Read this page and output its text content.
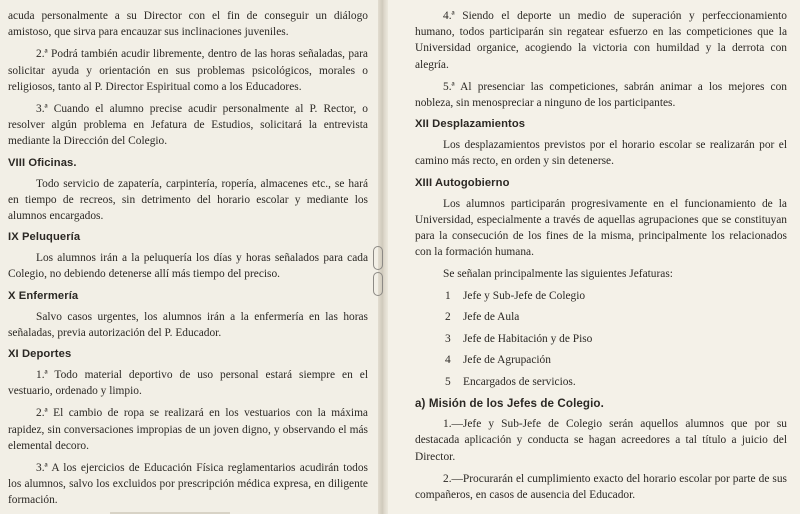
acuda personalmente a su Director con el fin de conseguir un diálogo amistoso, que sirva para encauzar sus inclinaciones juveniles.

2.ª Podrá también acudir libremente, dentro de las horas señaladas, para solicitar ayuda y orientación en sus problemas psicológicos, morales o religiosos, tanto al P. Director Espiritual como a los Educadores.

3.ª Cuando el alumno precise acudir personalmente al P. Rector, o resolver algún problema en Jefatura de Estudios, solicitará la entrevista mediante la Dirección del Colegio.

VIII Oficinas.

Todo servicio de zapatería, carpintería, ropería, almacenes etc., se hará en tiempo de recreos, sin detrimento del horario escolar y mediante los alumnos encargados.

IX Peluquería

Los alumnos irán a la peluquería los días y horas señalados para cada Colegio, no debiendo detenerse allí más tiempo del preciso.

X Enfermería

Salvo casos urgentes, los alumnos irán a la enfermería en las horas señaladas, previa autorización del P. Educador.

XI Deportes

1.ª Todo material deportivo de uso personal estará siempre en el vestuario, ordenado y limpio.

2.ª El cambio de ropa se realizará en los vestuarios con la máxima rapidez, sin conversaciones impropias de un joven digno, y observando el más elemental decoro.

3.ª A los ejercicios de Educación Física reglamentarios acudirán todos los alumnos, salvo los excluidos por prescripción médica expresa, en diligente formación.

4.ª Siendo el deporte un medio de superación y perfeccionamiento humano, todos participarán sin regatear esfuerzo en las competiciones que la Universidad organice, acogiendo la victoria con humildad y la derrota con alegría.

5.ª Al presenciar las competiciones, sabrán animar a los mejores con nobleza, sin menospreciar a ninguno de los participantes.

XII Desplazamientos

Los desplazamientos previstos por el horario escolar se realizarán por el camino más recto, en orden y sin detenerse.

XIII Autogobierno

Los alumnos participarán progresivamente en el funcionamiento de la Universidad, especialmente a través de aquellas agrupaciones que se constituyan para la consecución de los fines de la misma, principalmente los relacionados con la formación humana.

Se señalan principalmente las siguientes Jefaturas:

1	Jefe y Sub-Jefe de Colegio
2	Jefe de Aula
3	Jefe de Habitación y de Piso
4	Jefe de Agrupación
5	Encargados de servicios.
a) Misión de los Jefes de Colegio.

1.—Jefe y Sub-Jefe de Colegio serán aquellos alumnos que por su destacada aplicación y conducta se hagan acreedores a tal título a juicio del Director.

2.—Procurarán el cumplimiento exacto del horario escolar por parte de sus compañeros, en casos de ausencia del Educador.
